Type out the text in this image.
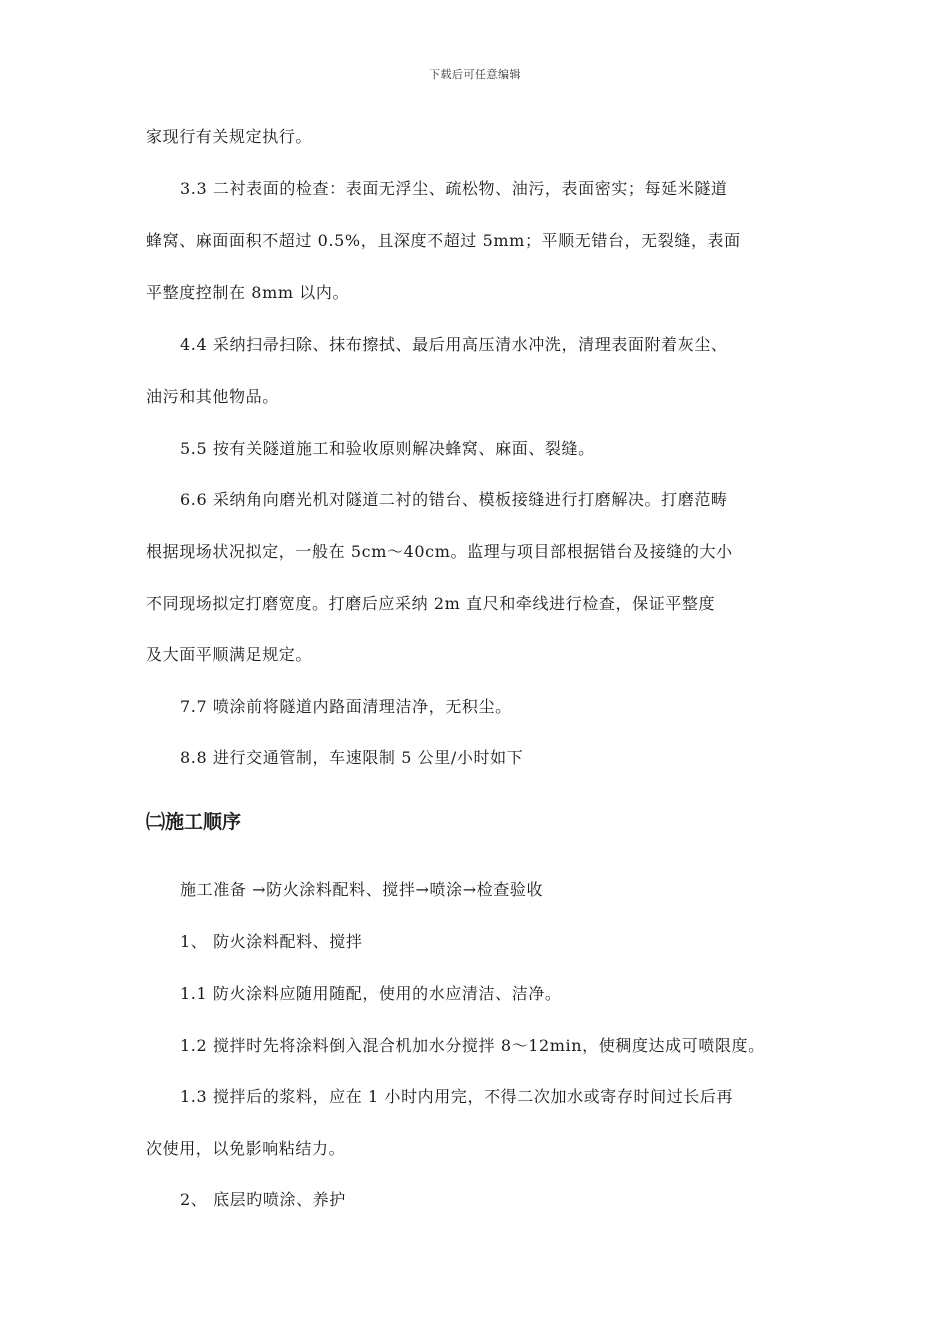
下载后可任意编辑
家现行有关规定执行。
3.3 二衬表面的检查：表面无浮尘、疏松物、油污，表面密实；每延米隧道
蜂窝、麻面面积不超过 0.5%，且深度不超过 5mm；平顺无错台，无裂缝，表面
平整度控制在 8mm 以内。
4.4 采纳扫帚扫除、抹布擦拭、最后用高压清水冲洗，清理表面附着灰尘、
油污和其他物品。
5.5 按有关隧道施工和验收原则解决蜂窝、麻面、裂缝。
6.6 采纳角向磨光机对隧道二衬的错台、模板接缝进行打磨解决。打磨范畴
根据现场状况拟定，一般在 5cm～40cm。监理与项目部根据错台及接缝的大小
不同现场拟定打磨宽度。打磨后应采纳 2m 直尺和牵线进行检查，保证平整度
及大面平顺满足规定。
7.7 喷涂前将隧道内路面清理洁净，无积尘。
8.8 进行交通管制，车速限制 5 公里/小时如下
㈡施工顺序
施工准备 →防火涂料配料、搅拌→喷涂→检查验收
1、 防火涂料配料、搅拌
1.1 防火涂料应随用随配，使用的水应清洁、洁净。
1.2 搅拌时先将涂料倒入混合机加水分搅拌 8～12min，使稠度达成可喷限度。
1.3 搅拌后的浆料，应在 1 小时内用完，不得二次加水或寄存时间过长后再
次使用，以免影响粘结力。
2、 底层旳喷涂、养护
